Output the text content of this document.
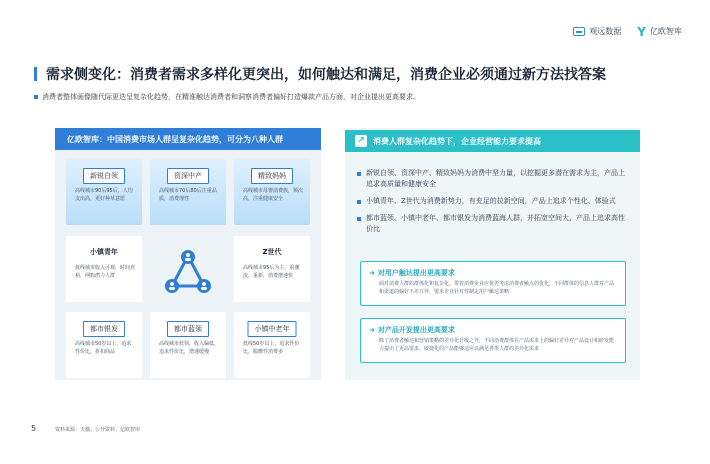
观远数据 Y 亿欧智库
需求侧变化：消费者需求多样化更突出，如何触达和满足，消费企业必须通过新方法找答案
消费者整体画像随代际更迭呈复杂化趋势，在精准触达消费者和洞察消费者偏好打造爆款产品方面，对企业提出更高要求。
亿欧智库：中国消费市场人群呈复杂化趋势，可分为八种人群
新锐白领
高线城市90后95后，人均支出高，更好种草意愿
资深中产
高线城市70后80后注重品质，消费理性
精致妈妈
高线城市母婴消费族，频次高，注重健康安全
小镇青年
低线城市收入可观，时间充裕，网购潜力人群
Z世代
高线城市95后为主，重潮流，重新，消费增速快
都市银发
高线城市50岁以上，追求性价比，折扣商品
都市蓝领
高线城市蓝领，收入偏低，追求性价比，增速缓慢
小镇中老年
低线50岁以上，追求性价比，服膺性消费多
↗ 消费人群复杂化趋势下，企业经营能力要求提高
新锐白领、资深中产、精致妈妈为消费中坚力量，以挖掘更多潜在需求为主，产品上追求高质量和健康安全
小镇青年、Z世代为消费新势力，有充足的拉新空间，产品上追求个性化、体验式
都市蓝领、小镇中老年、都市银发为消费蓝海人群，并拓宽空间大，产品上追求高性价比
➜ 对用户触达提出更高要求
面对消费人群的群体化和复杂化，带着消费企业应优先考虑消费者触点的优化，不同群体的信息人群对产品和渠道的偏好不差万异，要求企业针对性制定用户触达策略
➜ 对产品开发提出更高要求
除了消费者触达和营销策略的差异化升级之外，不同消费群体在产品需求上的偏好差异对产品设计和研发能力提出了更高要求，敏捷化的产品能够适应以满足各类人群的差异化需求
5	资料来源：天猫；公开资料；亿欧智库
